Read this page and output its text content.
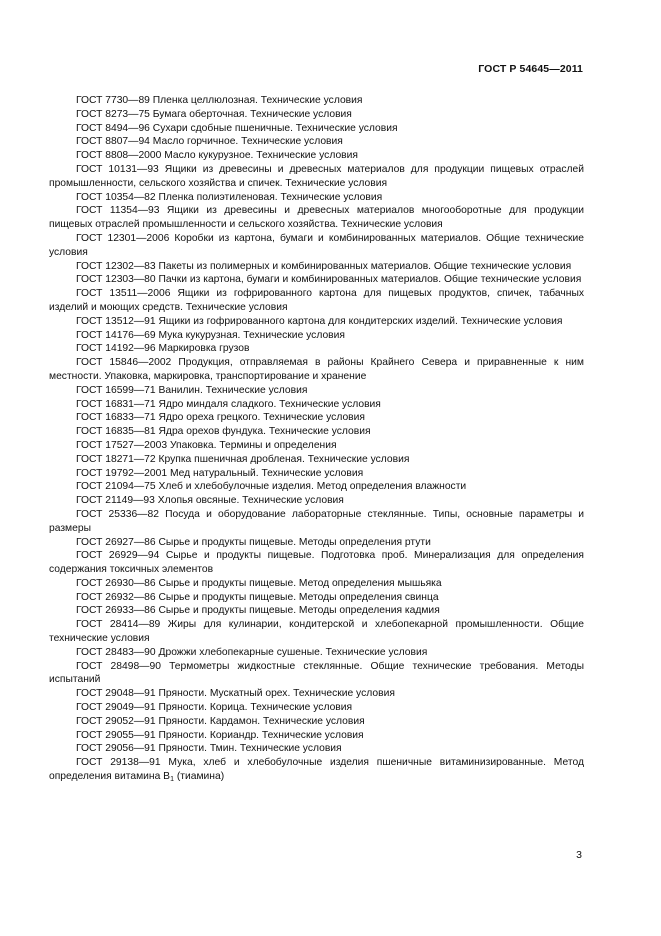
ГОСТ Р 54645—2011

ГОСТ 7730—89 Пленка целлюлозная. Технические условия

ГОСТ 8273—75 Бумага оберточная. Технические условия

ГОСТ 8494—96 Сухари сдобные пшеничные. Технические условия

ГОСТ 8807—94 Масло горчичное. Технические условия

ГОСТ 8808—2000 Масло кукурузное. Технические условия

ГОСТ 10131—93 Ящики из древесины и древесных материалов для продукции пищевых отраслей промышленности, сельского хозяйства и спичек. Технические условия

ГОСТ 10354—82 Пленка полиэтиленовая. Технические условия

ГОСТ 11354—93 Ящики из древесины и древесных материалов многооборотные для продукции пищевых отраслей промышленности и сельского хозяйства. Технические условия

ГОСТ 12301—2006 Коробки из картона, бумаги и комбинированных материалов. Общие технические условия

ГОСТ 12302—83 Пакеты из полимерных и комбинированных материалов. Общие технические условия

ГОСТ 12303—80 Пачки из картона, бумаги и комбинированных материалов. Общие технические условия

ГОСТ 13511—2006 Ящики из гофрированного картона для пищевых продуктов, спичек, табачных изделий и моющих средств. Технические условия

ГОСТ 13512—91 Ящики из гофрированного картона для кондитерских изделий. Технические условия

ГОСТ 14176—69 Мука кукурузная. Технические условия

ГОСТ 14192—96 Маркировка грузов

ГОСТ 15846—2002 Продукция, отправляемая в районы Крайнего Севера и приравненные к ним местности. Упаковка, маркировка, транспортирование и хранение

ГОСТ 16599—71 Ванилин. Технические условия

ГОСТ 16831—71 Ядро миндаля сладкого. Технические условия

ГОСТ 16833—71 Ядро ореха грецкого. Технические условия

ГОСТ 16835—81 Ядра орехов фундука. Технические условия

ГОСТ 17527—2003 Упаковка. Термины и определения

ГОСТ 18271—72 Крупка пшеничная дробленая. Технические условия

ГОСТ 19792—2001 Мед натуральный. Технические условия

ГОСТ 21094—75 Хлеб и хлебобулочные изделия. Метод определения влажности

ГОСТ 21149—93 Хлопья овсяные. Технические условия

ГОСТ 25336—82 Посуда и оборудование лабораторные стеклянные. Типы, основные параметры и размеры

ГОСТ 26927—86 Сырье и продукты пищевые. Методы определения ртути

ГОСТ 26929—94 Сырье и продукты пищевые. Подготовка проб. Минерализация для определения содержания токсичных элементов

ГОСТ 26930—86 Сырье и продукты пищевые. Метод определения мышьяка

ГОСТ 26932—86 Сырье и продукты пищевые. Методы определения свинца

ГОСТ 26933—86 Сырье и продукты пищевые. Методы определения кадмия

ГОСТ 28414—89 Жиры для кулинарии, кондитерской и хлебопекарной промышленности. Общие технические условия

ГОСТ 28483—90 Дрожжи хлебопекарные сушеные. Технические условия

ГОСТ 28498—90 Термометры жидкостные стеклянные. Общие технические требования. Методы испытаний

ГОСТ 29048—91 Пряности. Мускатный орех. Технические условия

ГОСТ 29049—91 Пряности. Корица. Технические условия

ГОСТ 29052—91 Пряности. Кардамон. Технические условия

ГОСТ 29055—91 Пряности. Кориандр. Технические условия

ГОСТ 29056—91 Пряности. Тмин. Технические условия

ГОСТ 29138—91 Мука, хлеб и хлебобулочные изделия пшеничные витаминизированные. Метод определения витамина $B_1$ (тиамина)

3
